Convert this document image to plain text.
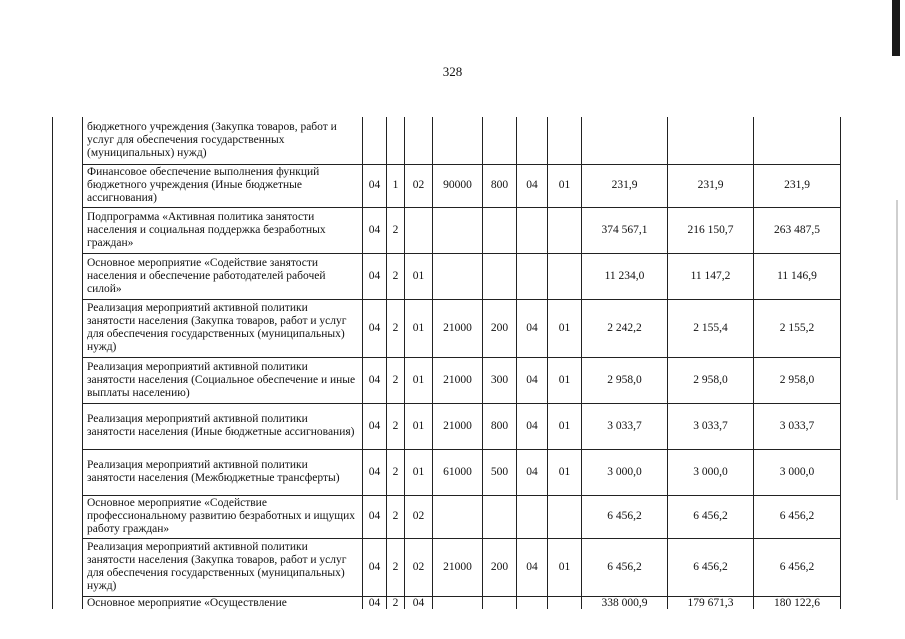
328
	бюджетного учреждения (Закупка товаров, работ и услуг для обеспечения государственных (муниципальных) нужд)										
	Финансовое обеспечение выполнения функций бюджетного учреждения (Иные бюджетные ассигнования)	04	1	02	90000	800	04	01	231,9	231,9	231,9
	Подпрограмма «Активная политика занятости населения и социальная поддержка безработных граждан»	04	2						374 567,1	216 150,7	263 487,5
	Основное мероприятие «Содействие занятости населения и обеспечение работодателей рабочей силой»	04	2	01					11 234,0	11 147,2	11 146,9
	Реализация мероприятий активной политики занятости населения (Закупка товаров, работ и услуг для обеспечения государственных (муниципальных) нужд)	04	2	01	21000	200	04	01	2 242,2	2 155,4	2 155,2
	Реализация мероприятий активной политики занятости населения (Социальное обеспечение и иные выплаты населению)	04	2	01	21000	300	04	01	2 958,0	2 958,0	2 958,0
	Реализация мероприятий активной политики занятости населения (Иные бюджетные ассигнования)	04	2	01	21000	800	04	01	3 033,7	3 033,7	3 033,7
	Реализация мероприятий активной политики занятости населения (Межбюджетные трансферты)	04	2	01	61000	500	04	01	3 000,0	3 000,0	3 000,0
	Основное мероприятие «Содействие профессиональному развитию безработных и ищущих работу граждан»	04	2	02					6 456,2	6 456,2	6 456,2
	Реализация мероприятий активной политики занятости населения (Закупка товаров, работ и услуг для обеспечения государственных (муниципальных) нужд)	04	2	02	21000	200	04	01	6 456,2	6 456,2	6 456,2
	Основное мероприятие «Осуществление	04	2	04					338 000,9	179 671,3	180 122,6
